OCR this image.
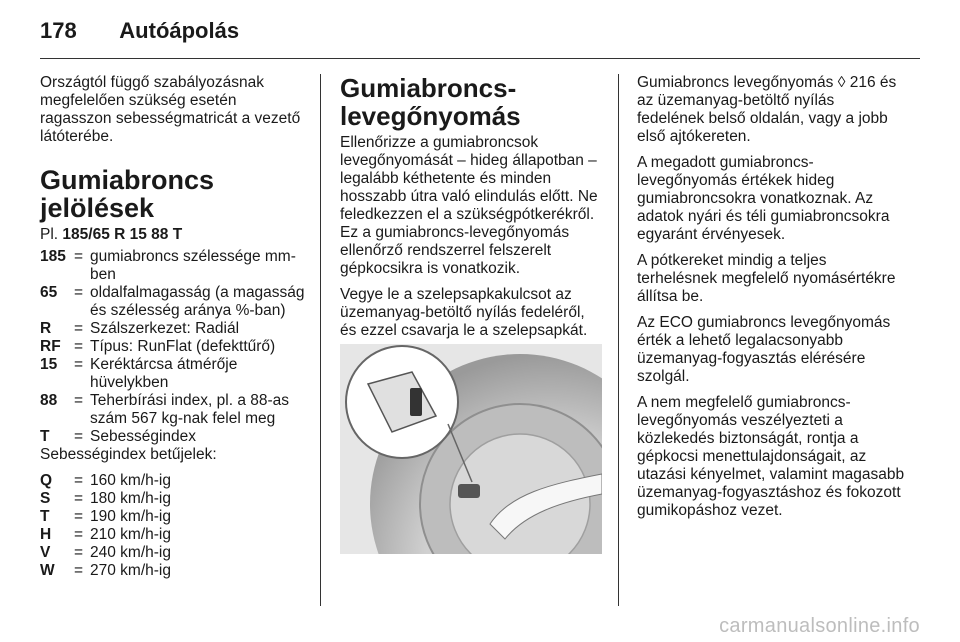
178 Autóápolás

Országtól függő szabályozásnak megfelelően szükség esetén ragasszon sebességmatricát a vezető látóterébe.

Gumiabroncs jelölések
Pl. 185/65 R 15 88 T
185 = gumiabroncs szélessége mm-ben
65	= oldalfalmagasság (a magasság és szélesség aránya %-ban)
R	= Szálszerkezet: Radiál
RF = Típus: RunFlat (defekttűrő)
15	= Keréktárcsa átmérője hüvelykben
88	= Teherbírási index, pl. a 88-as szám 567 kg-nak felel meg
T	= Sebességindex

Sebességindex betűjelek:

Q	= 160 km/h-ig
S	= 180 km/h-ig
T	= 190 km/h-ig
H	= 210 km/h-ig
V	= 240 km/h-ig
W	= 270 km/h-ig
Gumiabroncs-levegőnyomás

Ellenőrizze a gumiabroncsok levegőnyomását – hideg állapotban – legalább kéthetente és minden hosszabb útra való elindulás előtt. Ne feledkezzen el a szükségpótkerékről. Ez a gumiabroncs-levegőnyomás ellenőrző rendszerrel felszerelt gépkocsikra is vonatkozik.

Vegye le a szelepsapkakulcsot az üzemanyag-betöltő nyílás fedeléről, és ezzel csavarja le a szelepsapkát.

Gumiabroncs levegőnyomás ◊ 216 és az üzemanyag-betöltő nyílás fedelének belső oldalán, vagy a jobb első ajtókereten.

A megadott gumiabroncs-levegőnyomás értékek hideg gumiabroncsokra vonatkoznak. Az adatok nyári és téli gumiabroncsokra egyaránt érvényesek.

A pótkereket mindig a teljes terhelésnek megfelelő nyomásértékre állítsa be.

Az ECO gumiabroncs levegőnyomás érték a lehető legalacsonyabb üzemanyag-fogyasztás elérésére szolgál.

A nem megfelelő gumiabroncs-levegőnyomás veszélyezteti a közlekedés biztonságát, rontja a gépkocsi menettulajdonságait, az utazási kényelmet, valamint magasabb üzemanyag-fogyasztáshoz és fokozott gumikopáshoz vezet.

carmanualsonline.info
